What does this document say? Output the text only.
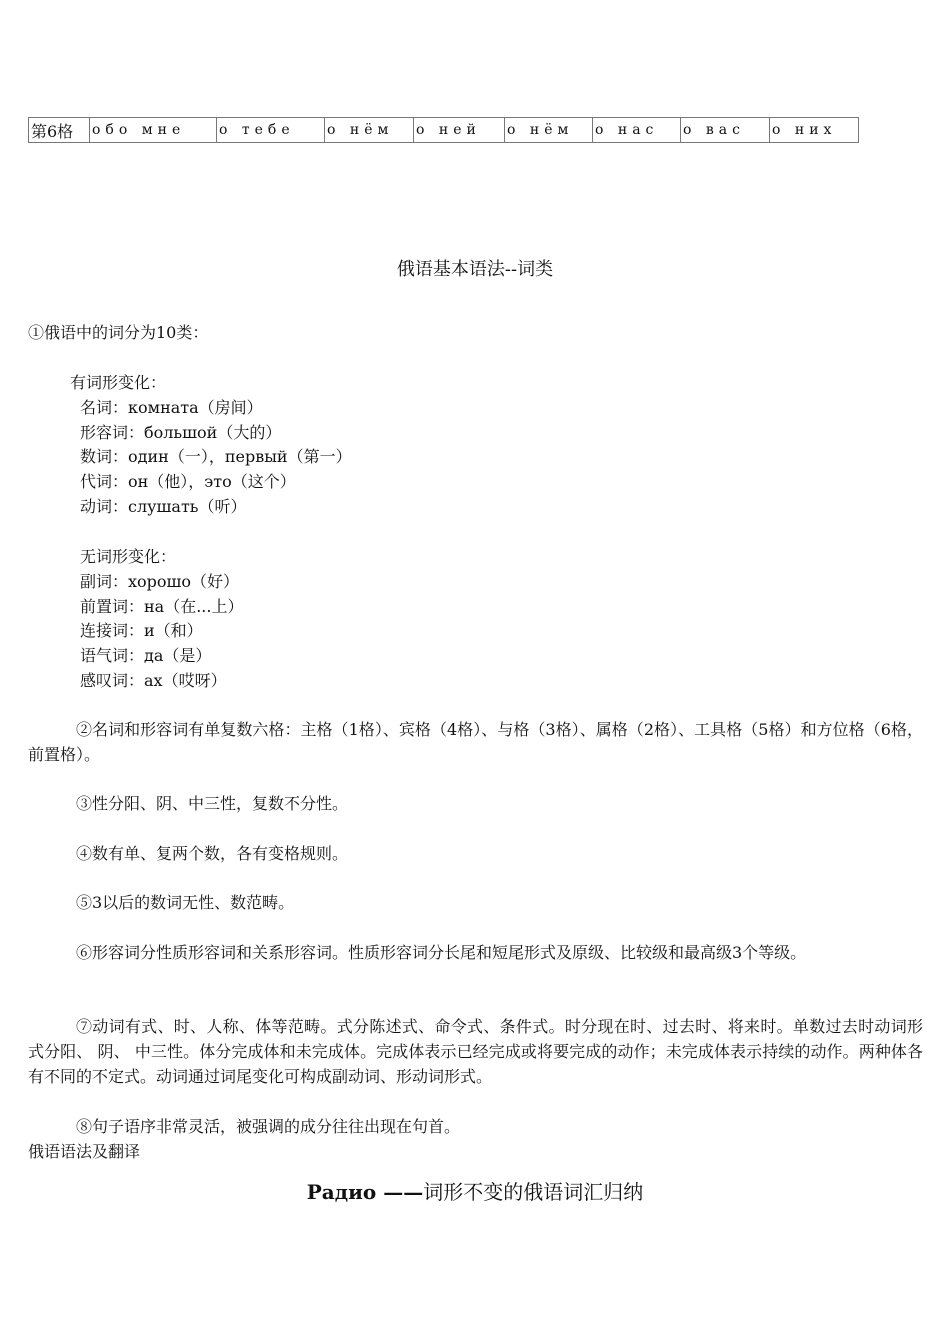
第6格	обо мне	о тебе	о нём	о ней	о нём	о нас	о вас	о них
俄语基本语法--词类
①俄语中的词分为10类：
有词形变化：
名词：комната（房间）
形容词：большой（大的）
数词：один（一），первый（第一）
代词：он（他），это（这个）
动词：слушать（听）
无词形变化：
副词：хорошо（好）
前置词：на（在...上）
连接词：и（和）
语气词：да（是）
感叹词：ах（哎呀）
②名词和形容词有单复数六格：主格（1格）、宾格（4格）、与格（3格）、属格（2格）、工具格（5格）和方位格（6格，前置格）。
③性分阳、阴、中三性，复数不分性。
④数有单、复两个数，各有变格规则。
⑤3以后的数词无性、数范畴。
⑥形容词分性质形容词和关系形容词。性质形容词分长尾和短尾形式及原级、比较级和最高级3个等级。
⑦动词有式、时、人称、体等范畴。式分陈述式、命令式、条件式。时分现在时、过去时、将来时。单数过去时动词形式分阳、 阴、 中三性。体分完成体和未完成体。完成体表示已经完成或将要完成的动作；未完成体表示持续的动作。两种体各有不同的不定式。动词通过词尾变化可构成副动词、形动词形式。
⑧句子语序非常灵活，被强调的成分往往出现在句首。
俄语语法及翻译
Радио ——词形不变的俄语词汇归纳
